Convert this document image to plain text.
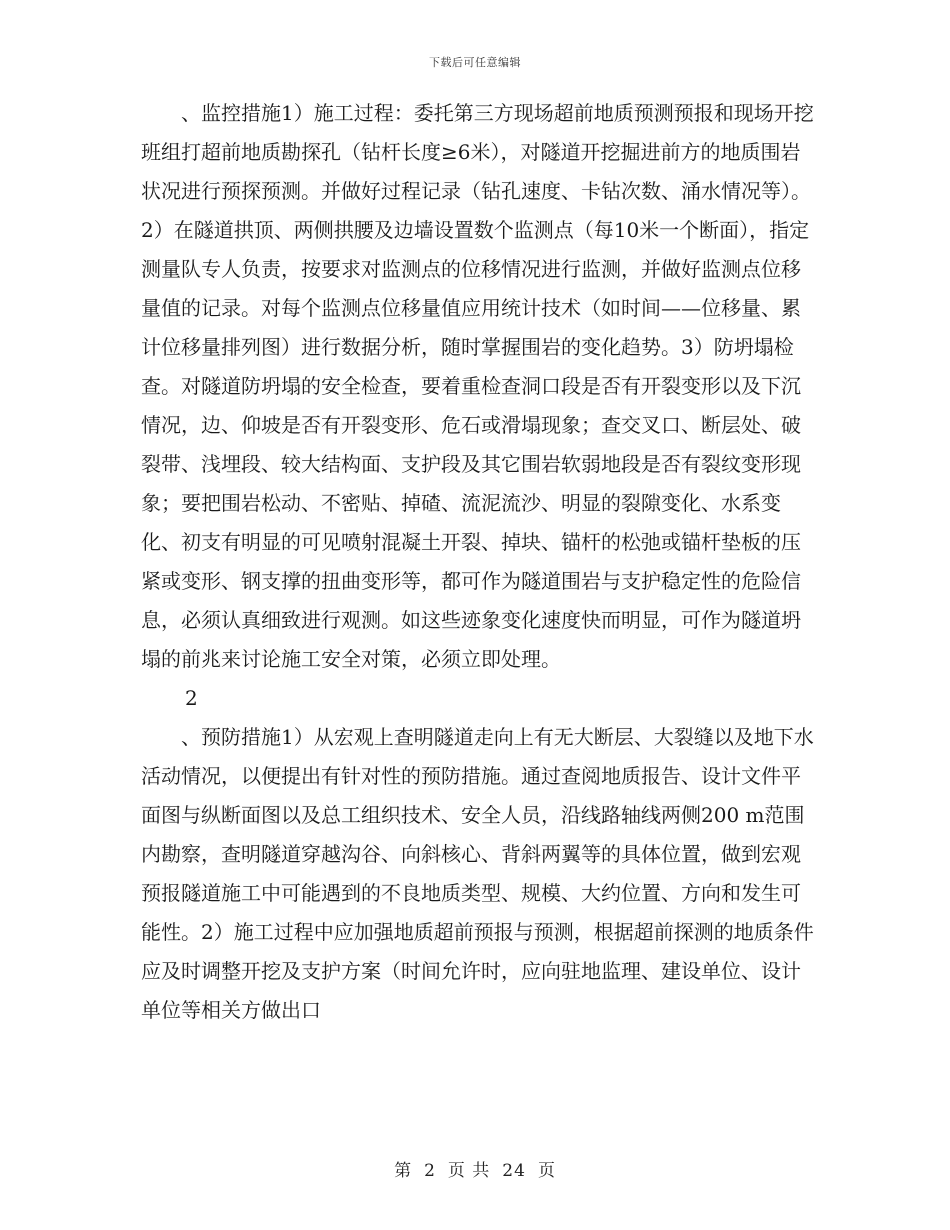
下载后可任意编辑

、监控措施1）施工过程：委托第三方现场超前地质预测预报和现场开挖班组打超前地质勘探孔（钻杆长度≥6米），对隧道开挖掘进前方的地质围岩状况进行预探预测。并做好过程记录（钻孔速度、卡钻次数、涌水情况等）。2）在隧道拱顶、两侧拱腰及边墙设置数个监测点（每10米一个断面），指定测量队专人负责，按要求对监测点的位移情况进行监测，并做好监测点位移量值的记录。对每个监测点位移量值应用统计技术（如时间——位移量、累计位移量排列图）进行数据分析，随时掌握围岩的变化趋势。3）防坍塌检查。对隧道防坍塌的安全检查，要着重检查洞口段是否有开裂变形以及下沉情况，边、仰坡是否有开裂变形、危石或滑塌现象；查交叉口、断层处、破裂带、浅埋段、较大结构面、支护段及其它围岩软弱地段是否有裂纹变形现象；要把围岩松动、不密贴、掉碴、流泥流沙、明显的裂隙变化、水系变化、初支有明显的可见喷射混凝土开裂、掉块、锚杆的松弛或锚杆垫板的压紧或变形、钢支撑的扭曲变形等，都可作为隧道围岩与支护稳定性的危险信息，必须认真细致进行观测。如这些迹象变化速度快而明显，可作为隧道坍塌的前兆来讨论施工安全对策，必须立即处理。

2

、预防措施1）从宏观上查明隧道走向上有无大断层、大裂缝以及地下水活动情况，以便提出有针对性的预防措施。通过查阅地质报告、设计文件平面图与纵断面图以及总工组织技术、安全人员，沿线路轴线两侧200 m范围内勘察，查明隧道穿越沟谷、向斜核心、背斜两翼等的具体位置，做到宏观预报隧道施工中可能遇到的不良地质类型、规模、大约位置、方向和发生可能性。2）施工过程中应加强地质超前预报与预测，根据超前探测的地质条件应及时调整开挖及支护方案（时间允许时，应向驻地监理、建设单位、设计单位等相关方做出口

第 2 页 共 24 页
